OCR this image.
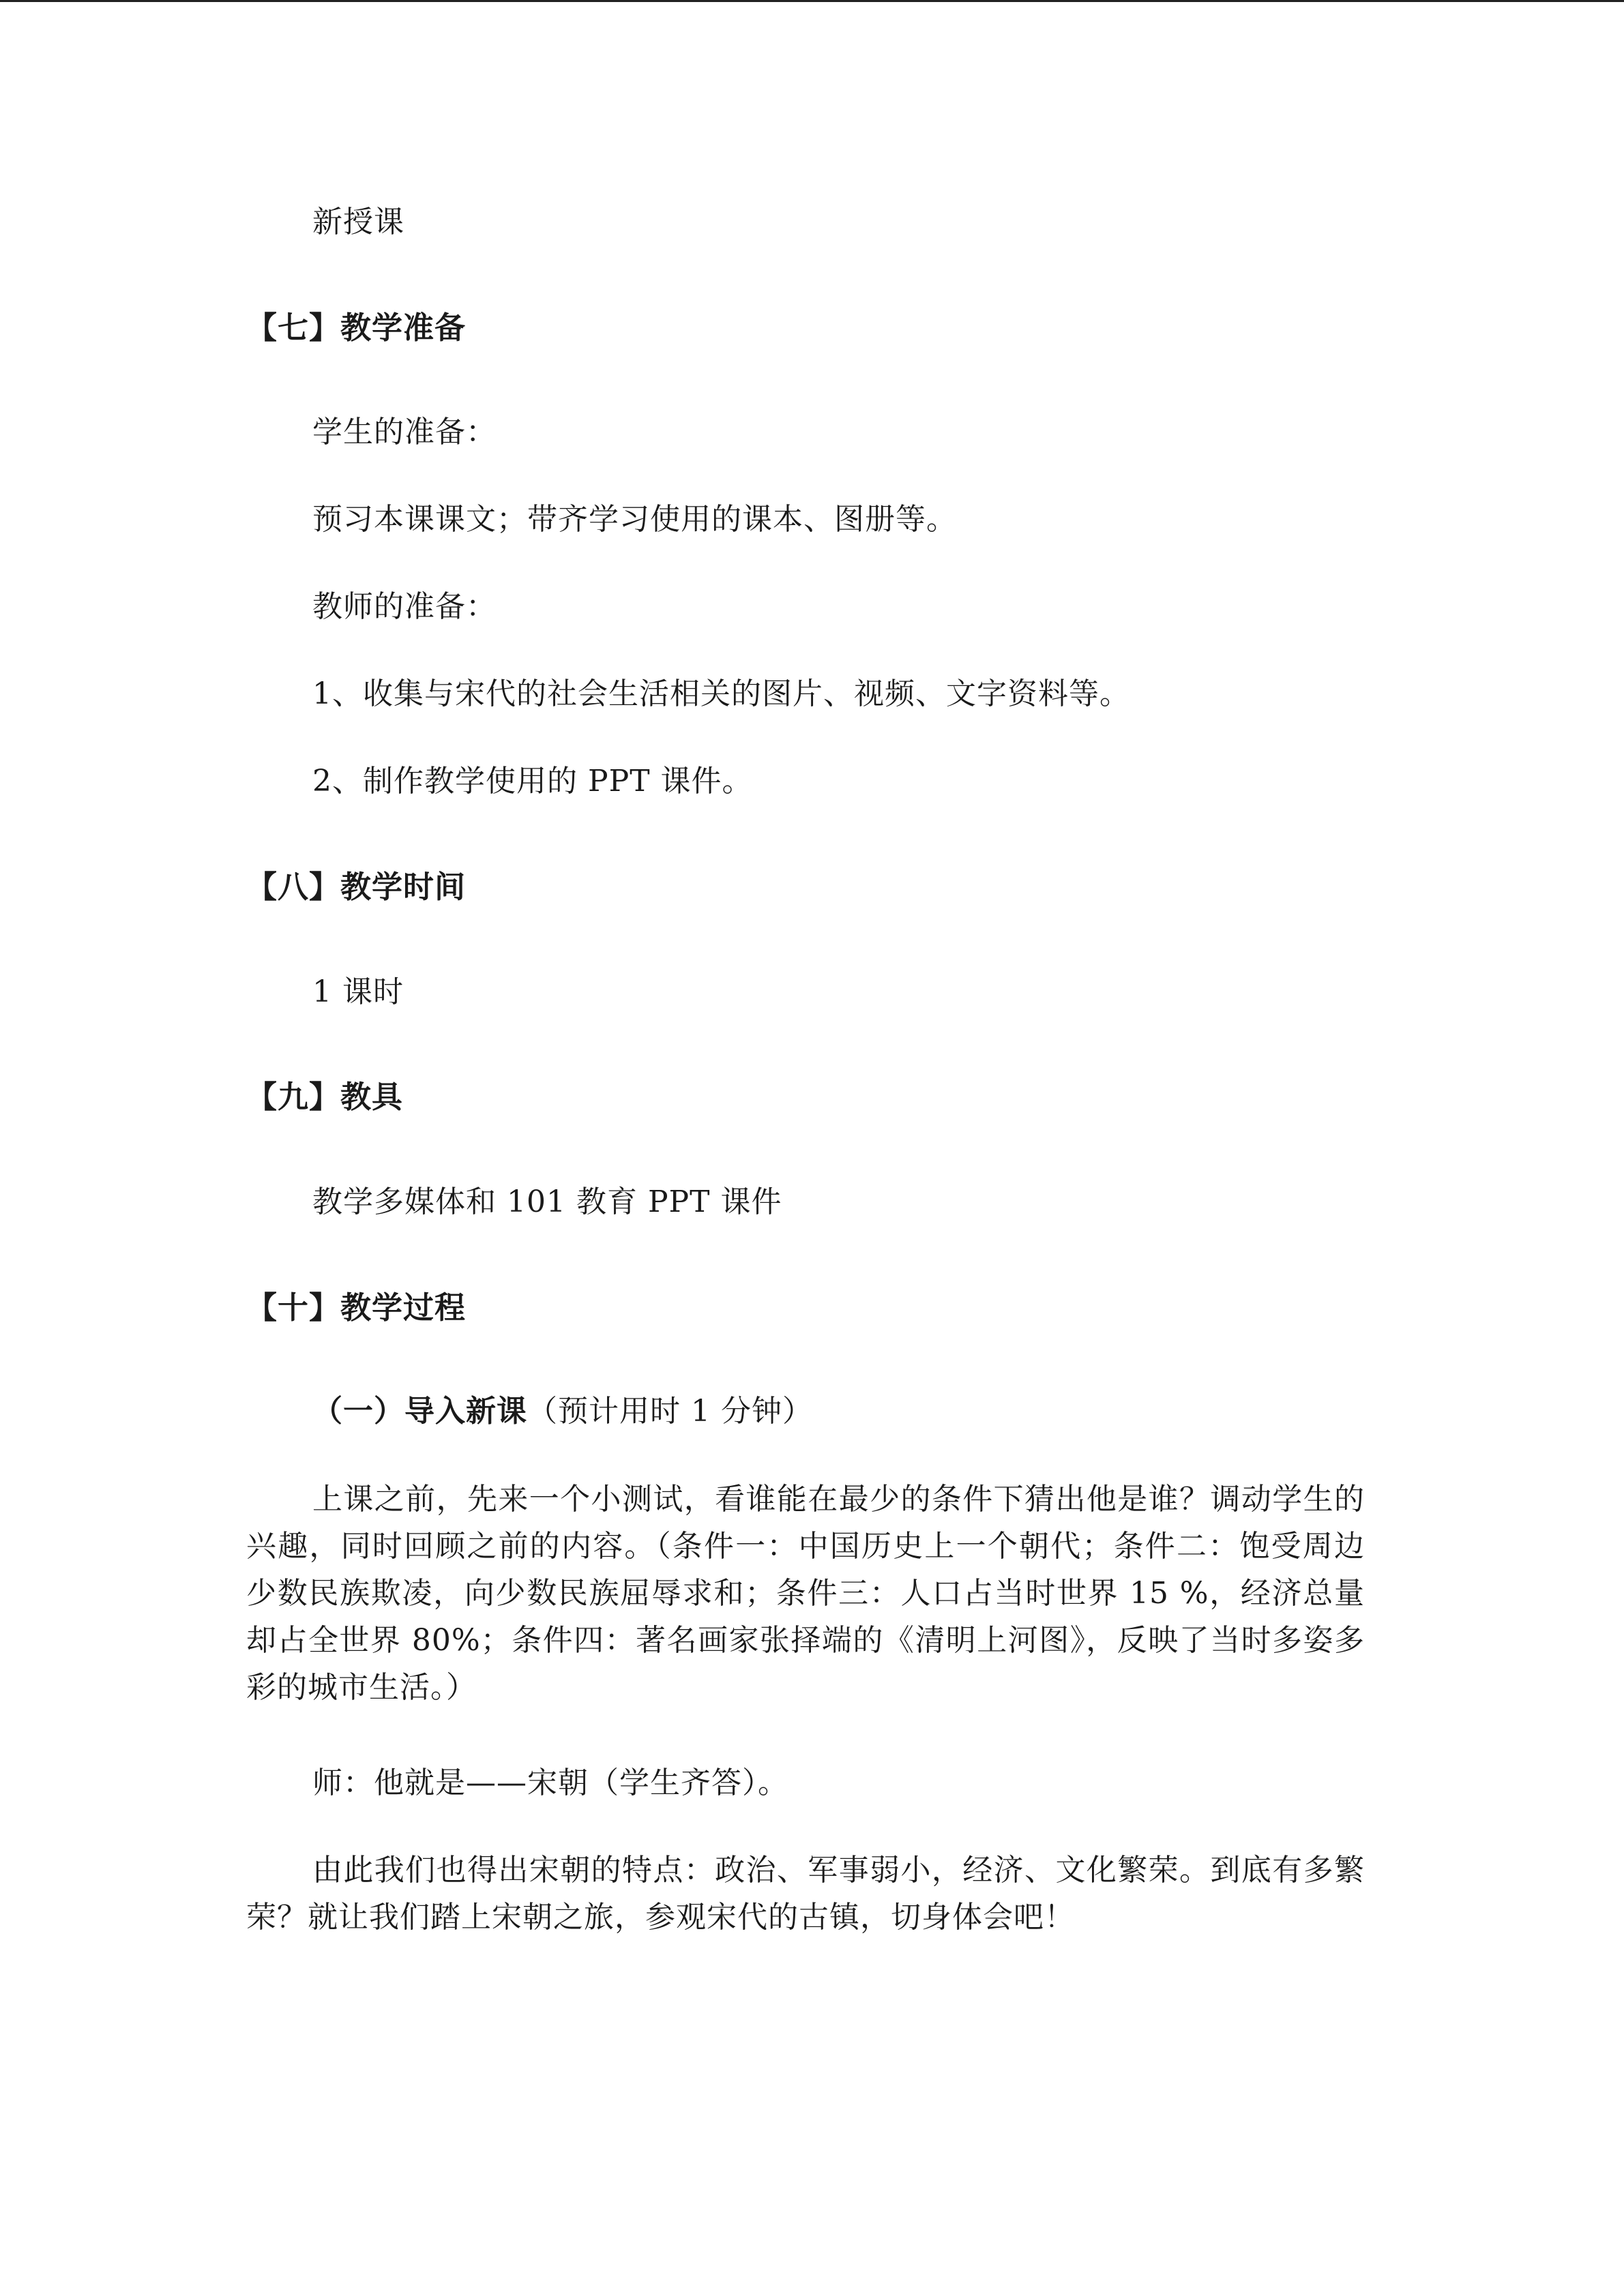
新授课
【七】教学准备
学生的准备：
预习本课课文；带齐学习使用的课本、图册等。
教师的准备：
1、收集与宋代的社会生活相关的图片、视频、文字资料等。
2、制作教学使用的 PPT 课件。
【八】教学时间
1 课时
【九】教具
教学多媒体和 101 教育 PPT 课件
【十】教学过程
（一）导入新课（预计用时 1 分钟）
上课之前，先来一个小测试，看谁能在最少的条件下猜出他是谁？调动学生的兴趣，同时回顾之前的内容。（条件一：中国历史上一个朝代；条件二：饱受周边少数民族欺凌，向少数民族屈辱求和；条件三：人口占当时世界 15 %，经济总量却占全世界 80%；条件四：著名画家张择端的《清明上河图》，反映了当时多姿多彩的城市生活。）
师：他就是——宋朝（学生齐答）。
由此我们也得出宋朝的特点：政治、军事弱小，经济、文化繁荣。到底有多繁荣？就让我们踏上宋朝之旅，参观宋代的古镇，切身体会吧！
